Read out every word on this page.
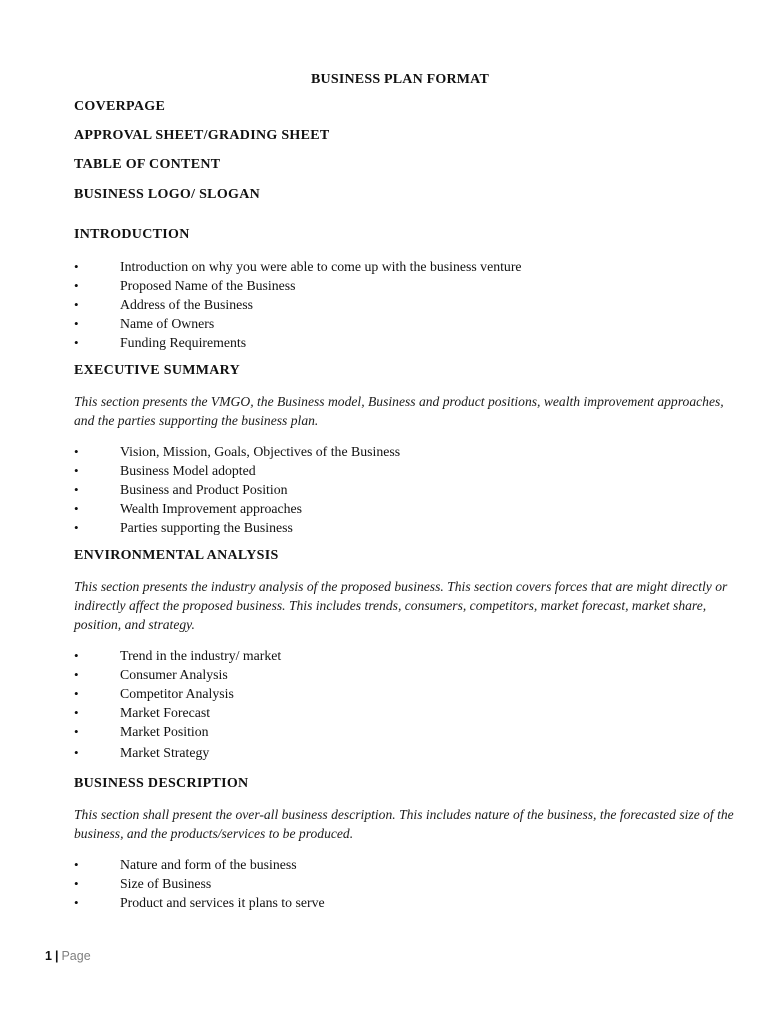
BUSINESS PLAN FORMAT
COVERPAGE
APPROVAL SHEET/GRADING SHEET
TABLE OF CONTENT
BUSINESS LOGO/ SLOGAN
INTRODUCTION
•	Introduction on why you were able to come up with the business venture
•	Proposed Name of the Business
•	Address of the Business
•	Name of Owners
•	Funding Requirements
EXECUTIVE SUMMARY
This section presents the VMGO, the Business model, Business and product positions, wealth improvement approaches, and the parties supporting the business plan.
•	Vision, Mission, Goals, Objectives of the Business
•	Business Model adopted
•	Business and Product Position
•	Wealth Improvement approaches
•	Parties supporting the Business
ENVIRONMENTAL ANALYSIS
This section presents the industry analysis of the proposed business. This section covers forces that are might directly or indirectly affect the proposed business. This includes trends, consumers, competitors, market forecast, market share, position, and strategy.
•	Trend in the industry/ market
•	Consumer Analysis
•	Competitor Analysis
•	Market Forecast
•	Market Position
•	Market Strategy
BUSINESS DESCRIPTION
This section shall present the over-all business description. This includes nature of the business, the forecasted size of the business, and the products/services to be produced.
•	Nature and form of the business
•	Size of Business
•	Product and services it plans to serve
1 | Page
